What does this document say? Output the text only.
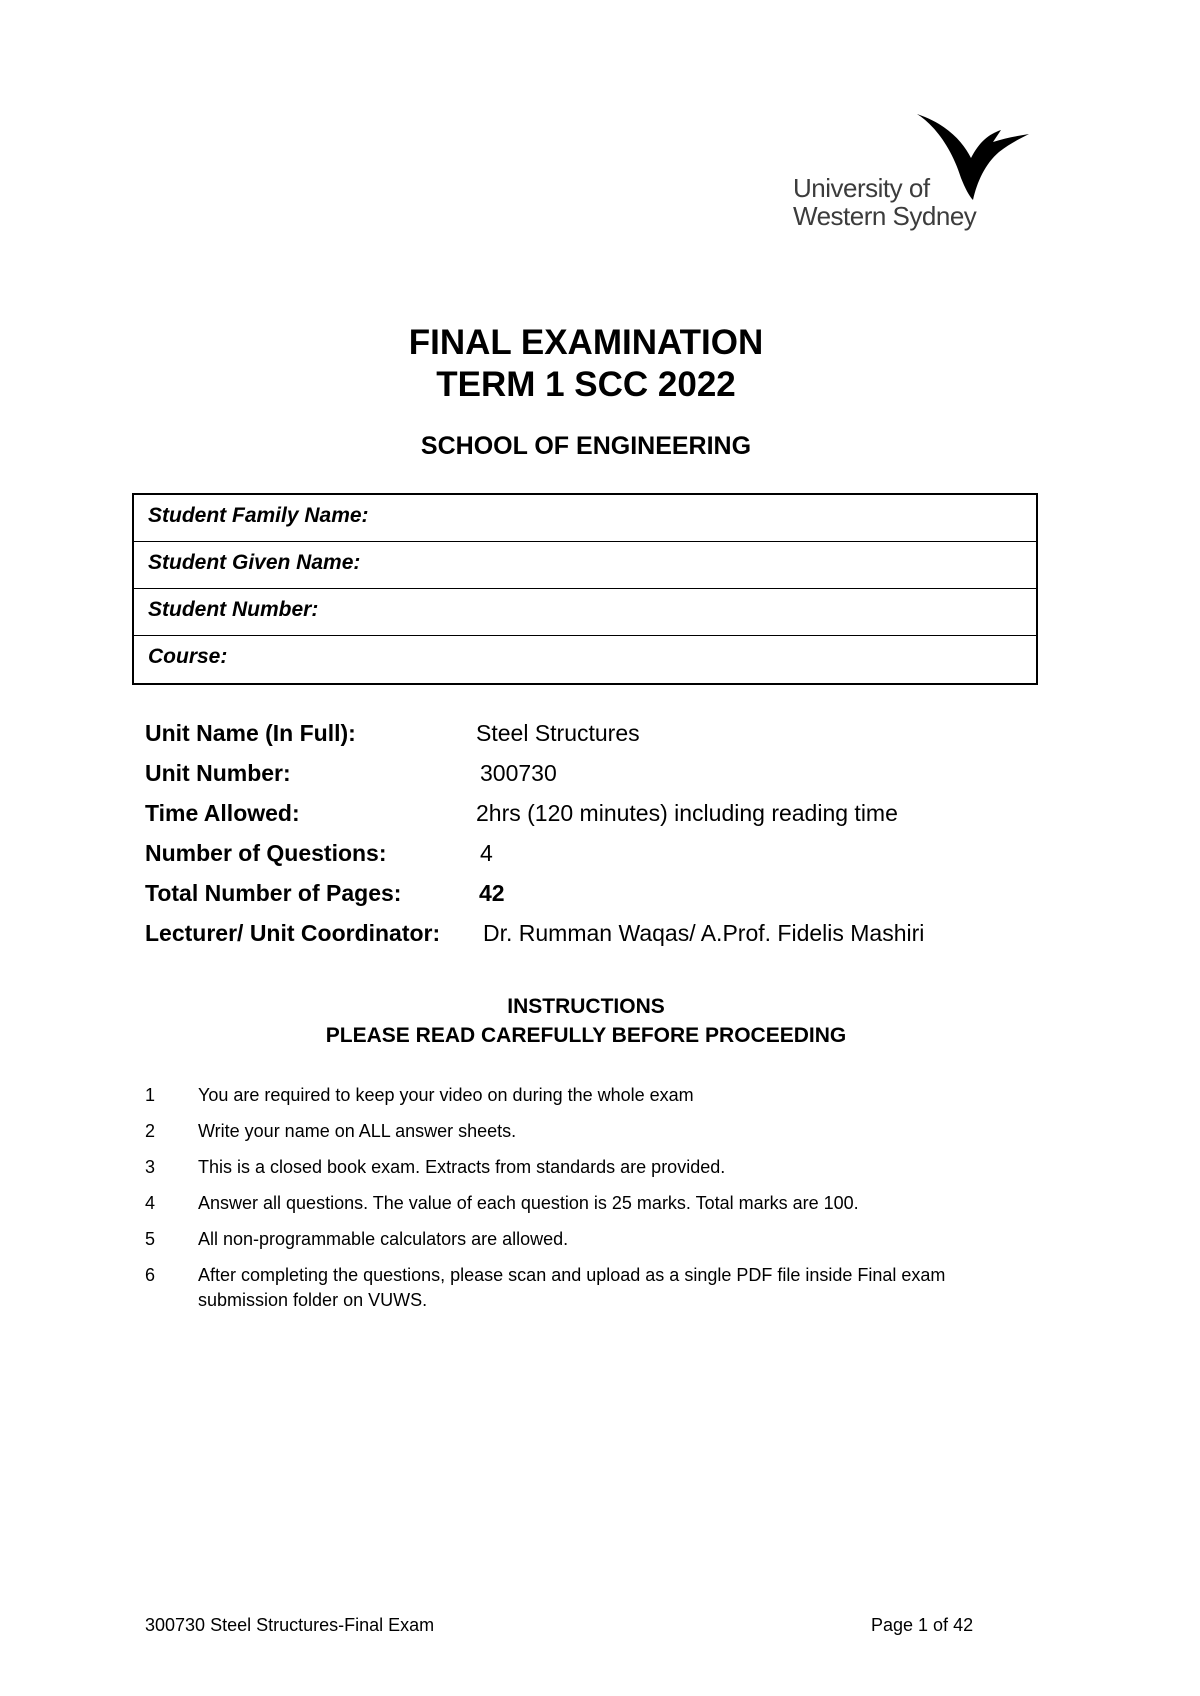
University of
Western Sydney
FINAL EXAMINATION
TERM 1 SCC 2022
SCHOOL OF ENGINEERING
Student Family Name:
Student Given Name:
Student Number:
Course:
Unit Name (In Full):	Steel Structures
Unit Number:	300730
Time Allowed:	2hrs (120 minutes) including reading time
Number of Questions:	4
Total Number of Pages:	42
Lecturer/ Unit Coordinator: Dr. Rumman Waqas/ A.Prof. Fidelis Mashiri
INSTRUCTIONS
PLEASE READ CAREFULLY BEFORE PROCEEDING
1 You are required to keep your video on during the whole exam
2 Write your name on ALL answer sheets.
3 This is a closed book exam. Extracts from standards are provided.
4 Answer all questions. The value of each question is 25 marks. Total marks are 100.
5 All non-programmable calculators are allowed.
6 After completing the questions, please scan and upload as a single PDF file inside Final exam submission folder on VUWS.
300730 Steel Structures-Final Exam	Page 1 of 42
